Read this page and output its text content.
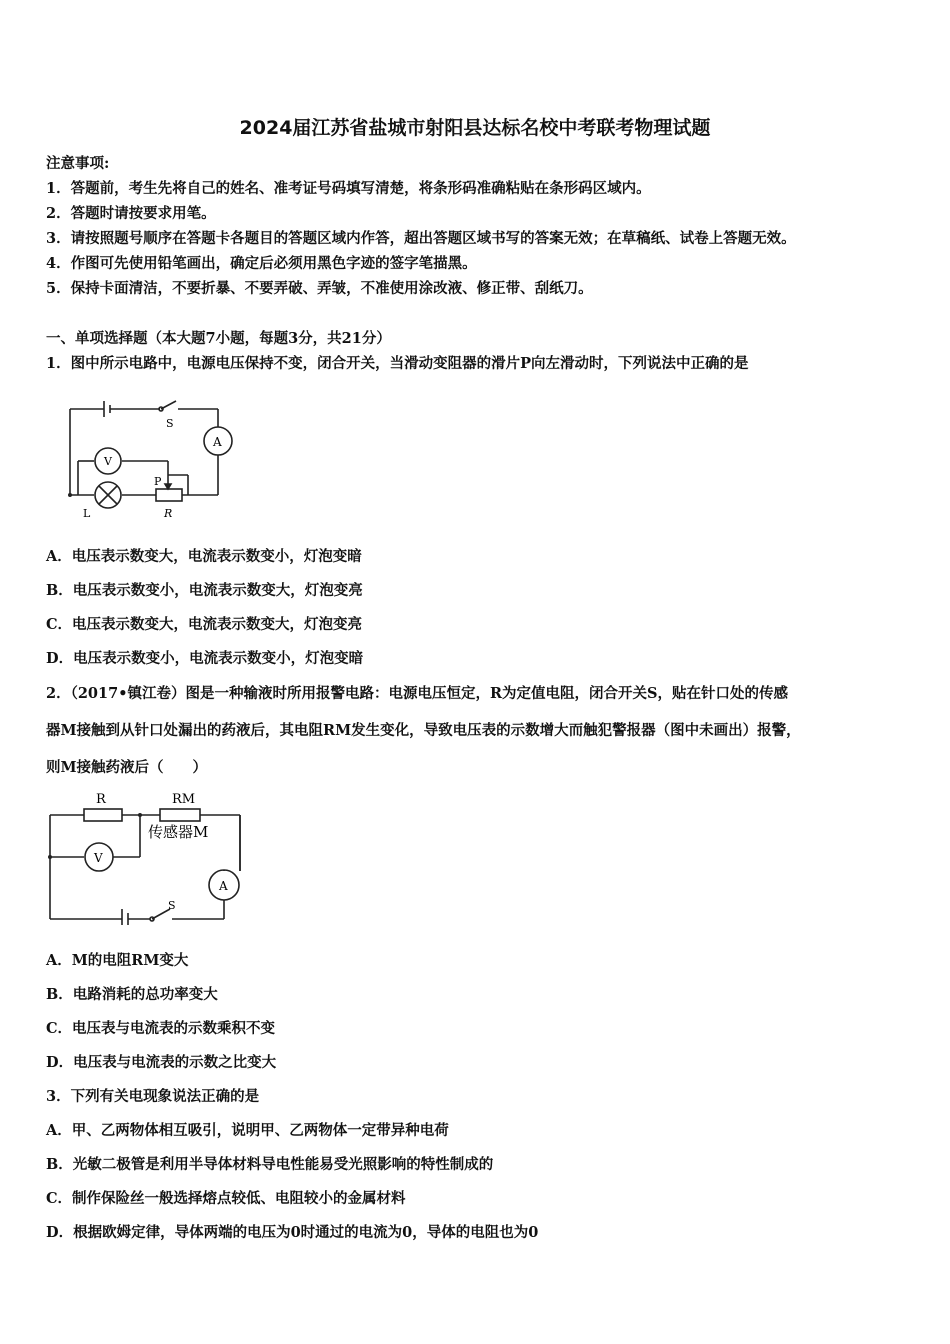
2024届江苏省盐城市射阳县达标名校中考联考物理试题
注意事项:
1．答题前，考生先将自己的姓名、准考证号码填写清楚，将条形码准确粘贴在条形码区域内。
2．答题时请按要求用笔。
3．请按照题号顺序在答题卡各题目的答题区域内作答，超出答题区域书写的答案无效；在草稿纸、试卷上答题无效。
4．作图可先使用铅笔画出，确定后必须用黑色字迹的签字笔描黑。
5．保持卡面清洁，不要折暴、不要弄破、弄皱，不准使用涂改液、修正带、刮纸刀。
一、单项选择题（本大题7小题，每题3分，共21分）
1．图中所示电路中，电源电压保持不变，闭合开关，当滑动变阻器的滑片P向左滑动时，下列说法中正确的是
S
A
V
P
L	R
A．电压表示数变大，电流表示数变小，灯泡变暗
B．电压表示数变小，电流表示数变大，灯泡变亮
C．电压表示数变大，电流表示数变大，灯泡变亮
D．电压表示数变小，电流表示数变小，灯泡变暗
2．（2017•镇江卷）图是一种输液时所用报警电路：电源电压恒定，R为定值电阻，闭合开关S，贴在针口处的传感
器M接触到从针口处漏出的药液后，其电阻RM发生变化，导致电压表的示数增大而触犯警报器（图中未画出）报警，
则M接触药液后（　　）
R	RM
传感器M
V
A
S
A．M的电阻RM变大
B．电路消耗的总功率变大
C．电压表与电流表的示数乘积不变
D．电压表与电流表的示数之比变大
3．下列有关电现象说法正确的是
A．甲、乙两物体相互吸引，说明甲、乙两物体一定带异种电荷
B．光敏二极管是利用半导体材料导电性能易受光照影响的特性制成的
C．制作保险丝一般选择熔点较低、电阻较小的金属材料
D．根据欧姆定律，导体两端的电压为0时通过的电流为0，导体的电阻也为0
